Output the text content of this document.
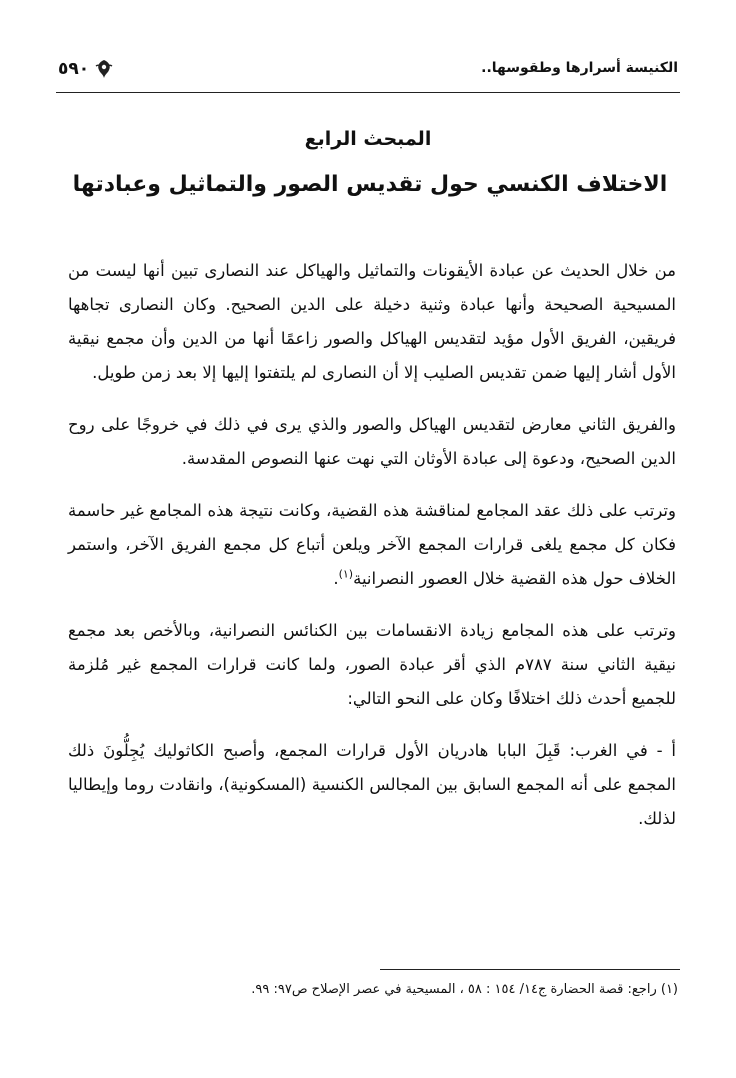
٥٩٠	الكنيسة أسرارها وطقوسها..
المبحث الرابع
الاختلاف الكنسي حول تقديس الصور والتماثيل وعبادتها

من خلال الحديث عن عبادة الأيقونات والتماثيل والهياكل عند النصارى تبين أنها ليست من المسيحية الصحيحة وأنها عبادة وثنية دخيلة على الدين الصحيح. وكان النصارى تجاهها فريقين، الفريق الأول مؤيد لتقديس الهياكل والصور زاعمًا أنها من الدين وأن مجمع نيقية الأول أشار إليها ضمن تقديس الصليب إلا أن النصارى لم يلتفتوا إليها إلا بعد زمن طويل.

والفريق الثاني معارض لتقديس الهياكل والصور والذي يرى في ذلك في خروجًا على روح الدين الصحيح، ودعوة إلى عبادة الأوثان التي نهت عنها النصوص المقدسة.

وترتب على ذلك عقد المجامع لمناقشة هذه القضية، وكانت نتيجة هذه المجامع غير حاسمة فكان كل مجمع يلغى قرارات المجمع الآخر ويلعن أتباع كل مجمع الفريق الآخر، واستمر الخلاف حول هذه القضية خلال العصور النصرانية$^{(١)}$.

وترتب على هذه المجامع زيادة الانقسامات بين الكنائس النصرانية، وبالأخص بعد مجمع نيقية الثاني سنة ٧٨٧م الذي أقر عبادة الصور، ولما كانت قرارات المجمع غير مُلزمة للجميع أحدث ذلك اختلافًا وكان على النحو التالي:

أ - في الغرب: قَبِلَ البابا هادريان الأول قرارات المجمع، وأصبح الكاثوليك يُجِلُّونَ ذلك المجمع على أنه المجمع السابق بين المجالس الكنسية (المسكونية)، وانقادت روما وإيطاليا لذلك.

(١) راجع: قصة الحضارة ج١٤/ ١٥٤ : ٥٨ ، المسيحية في عصر الإصلاح ص٩٧: ٩٩.
